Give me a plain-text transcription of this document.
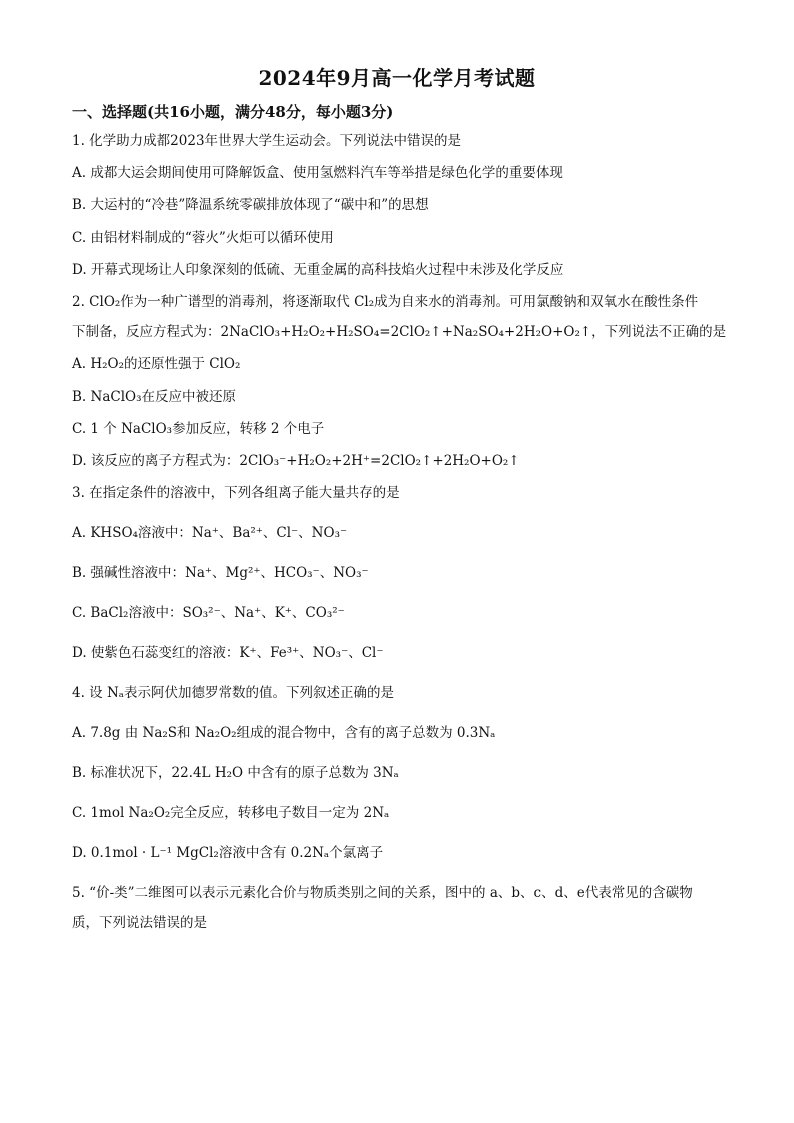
2024年9月高一化学月考试题
一、选择题(共16小题，满分48分，每小题3分)
1. 化学助力成都2023年世界大学生运动会。下列说法中错误的是
A. 成都大运会期间使用可降解饭盒、使用氢燃料汽车等举措是绿色化学的重要体现
B. 大运村的“冷巷”降温系统零碳排放体现了“碳中和”的思想
C. 由铝材料制成的“蓉火”火炬可以循环使用
D. 开幕式现场让人印象深刻的低硫、无重金属的高科技焰火过程中未涉及化学反应
2. ClO₂作为一种广谱型的消毒剂，将逐渐取代 Cl₂成为自来水的消毒剂。可用氯酸钠和双氧水在酸性条件
下制备，反应方程式为：2NaClO₃+H₂O₂+H₂SO₄=2ClO₂↑+Na₂SO₄+2H₂O+O₂↑，下列说法不正确的是
A. H₂O₂的还原性强于 ClO₂
B. NaClO₃在反应中被还原
C. 1 个 NaClO₃参加反应，转移 2 个电子
D. 该反应的离子方程式为：2ClO₃⁻+H₂O₂+2H⁺=2ClO₂↑+2H₂O+O₂↑
3. 在指定条件的溶液中，下列各组离子能大量共存的是
A. KHSO₄溶液中：Na⁺、Ba²⁺、Cl⁻、NO₃⁻
B. 强碱性溶液中：Na⁺、Mg²⁺、HCO₃⁻、NO₃⁻
C. BaCl₂溶液中：SO₃²⁻、Na⁺、K⁺、CO₃²⁻
D. 使紫色石蕊变红的溶液：K⁺、Fe³⁺、NO₃⁻、Cl⁻
4. 设 Nₐ表示阿伏加德罗常数的值。下列叙述正确的是
A. 7.8g 由 Na₂S和 Na₂O₂组成的混合物中，含有的离子总数为 0.3Nₐ
B. 标准状况下，22.4L H₂O 中含有的原子总数为 3Nₐ
C. 1mol Na₂O₂完全反应，转移电子数目一定为 2Nₐ
D. 0.1mol · L⁻¹ MgCl₂溶液中含有 0.2Nₐ个氯离子
5. “价-类”二维图可以表示元素化合价与物质类别之间的关系，图中的 a、b、c、d、e代表常见的含碳物
质，下列说法错误的是
